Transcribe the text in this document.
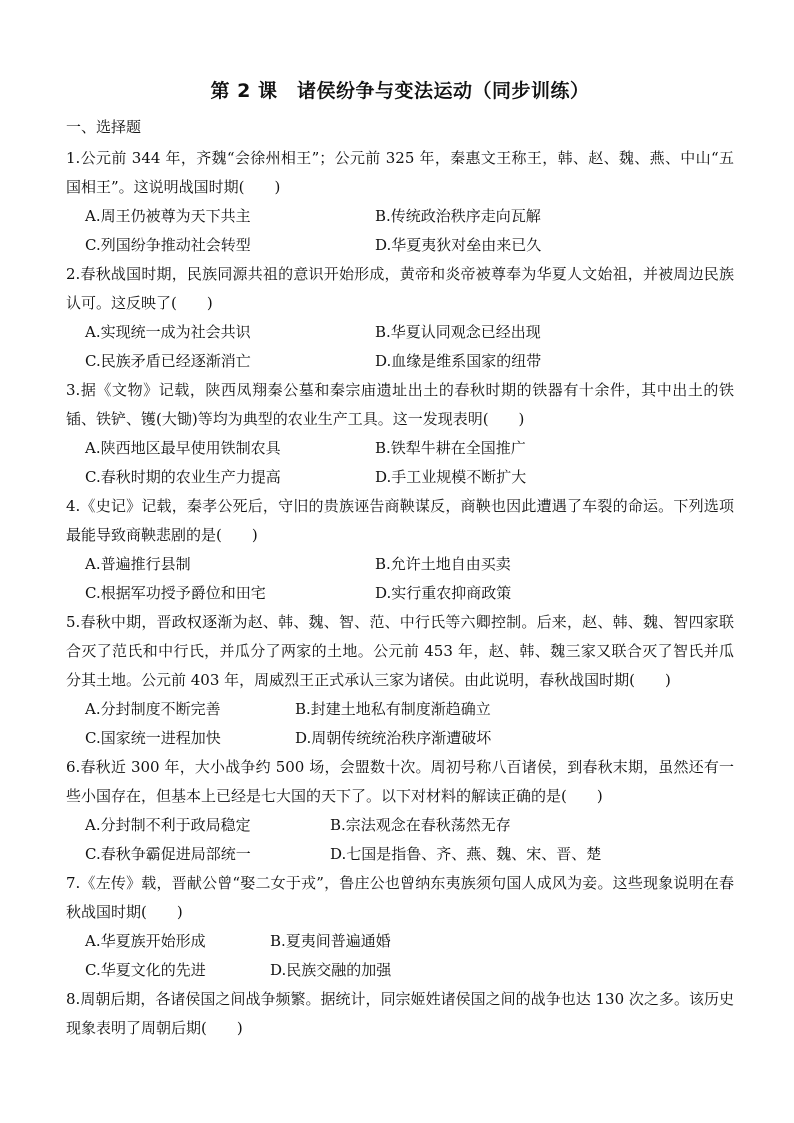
第 2 课　诸侯纷争与变法运动（同步训练）
一、选择题

1.公元前 344 年，齐魏“会徐州相王”；公元前 325 年，秦惠文王称王，韩、赵、魏、燕、中山“五国相王”。这说明战国时期(　　)

A.周王仍被尊为天下共主	B.传统政治秩序走向瓦解
C.列国纷争推动社会转型	D.华夏夷狄对垒由来已久

2.春秋战国时期，民族同源共祖的意识开始形成，黄帝和炎帝被尊奉为华夏人文始祖，并被周边民族认可。这反映了(　　)

A.实现统一成为社会共识	B.华夏认同观念已经出现
C.民族矛盾已经逐渐消亡	D.血缘是维系国家的纽带

3.据《文物》记载，陕西凤翔秦公墓和秦宗庙遗址出土的春秋时期的铁器有十余件，其中出土的铁锸、铁铲、镬(大锄)等均为典型的农业生产工具。这一发现表明(　　)

A.陕西地区最早使用铁制农具	B.铁犁牛耕在全国推广
C.春秋时期的农业生产力提高	D.手工业规模不断扩大

4.《史记》记载，秦孝公死后，守旧的贵族诬告商鞅谋反，商鞅也因此遭遇了车裂的命运。下列选项最能导致商鞅悲剧的是(　　)

A.普遍推行县制	B.允许土地自由买卖
C.根据军功授予爵位和田宅	D.实行重农抑商政策

5.春秋中期，晋政权逐渐为赵、韩、魏、智、范、中行氏等六卿控制。后来，赵、韩、魏、智四家联合灭了范氏和中行氏，并瓜分了两家的土地。公元前 453 年，赵、韩、魏三家又联合灭了智氏并瓜分其土地。公元前 403 年，周威烈王正式承认三家为诸侯。由此说明，春秋战国时期(　　)

A.分封制度不断完善	B.封建土地私有制度渐趋确立
C.国家统一进程加快	D.周朝传统统治秩序渐遭破坏

6.春秋近 300 年，大小战争约 500 场，会盟数十次。周初号称八百诸侯，到春秋末期，虽然还有一些小国存在，但基本上已经是七大国的天下了。以下对材料的解读正确的是(　　)

A.分封制不利于政局稳定	B.宗法观念在春秋荡然无存
C.春秋争霸促进局部统一	D.七国是指鲁、齐、燕、魏、宋、晋、楚

7.《左传》载，晋献公曾“娶二女于戎”，鲁庄公也曾纳东夷族须句国人成风为妾。这些现象说明在春秋战国时期(　　)

A.华夏族开始形成	B.夏夷间普遍通婚
C.华夏文化的先进	D.民族交融的加强

8.周朝后期，各诸侯国之间战争频繁。据统计，同宗姬姓诸侯国之间的战争也达 130 次之多。该历史现象表明了周朝后期(　　)
